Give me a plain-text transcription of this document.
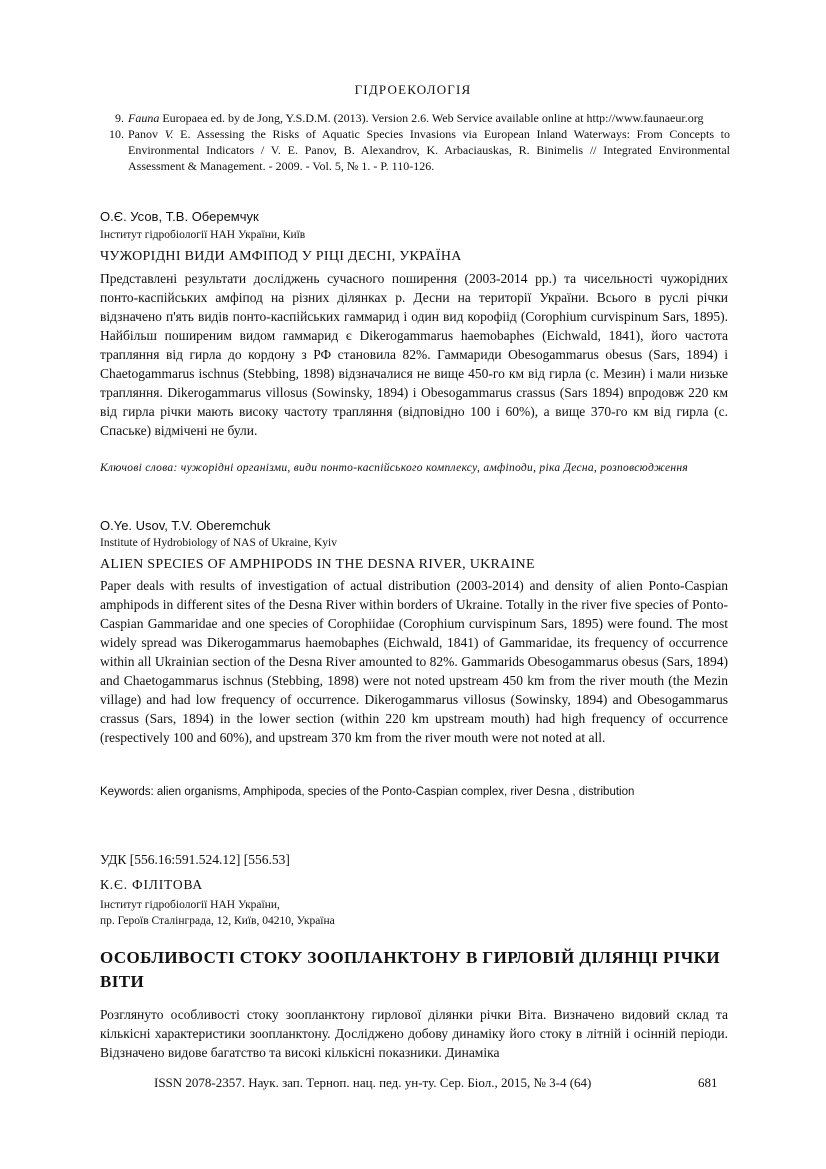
ГІДРОЕКОЛОГІЯ
9. Fauna Europaea ed. by de Jong, Y.S.D.M. (2013). Version 2.6. Web Service available online at http://www.faunaeur.org
10. Panov V. E. Assessing the Risks of Aquatic Species Invasions via European Inland Waterways: From Concepts to Environmental Indicators / V. E. Panov, B. Alexandrov, K. Arbaciauskas, R. Binimelis // Integrated Environmental Assessment & Management. - 2009. - Vol. 5, № 1. - P. 110-126.
О.Є. Усов, Т.В. Оберемчук
Інститут гідробіології НАН України, Київ
ЧУЖОРІДНІ ВИДИ АМФІПОД У РІЦІ ДЕСНІ, УКРАЇНА
Представлені результати досліджень сучасного поширення (2003-2014 рр.) та чисельності чужорідних понто-каспійських амфіпод на різних ділянках р. Десни на території України. Всього в руслі річки відзначено п'ять видів понто-каспійських гаммарид і один вид корофіід (Corophium curvispinum Sars, 1895). Найбільш поширеним видом гаммарид є Dikerogammarus haemobaphes (Eichwald, 1841), його частота трапляння від гирла до кордону з РФ становила 82%. Гаммариди Obesogammarus obesus (Sars, 1894) і Chaetogammarus ischnus (Stebbing, 1898) відзначалися не вище 450-го км від гирла (с. Мезин) і мали низьке трапляння. Dikerogammarus villosus (Sowinsky, 1894) і Obesogammarus crassus (Sars 1894) впродовж 220 км від гирла річки мають високу частоту трапляння (відповідно 100 і 60%), а вище 370-го км від гирла (с. Спаське) відмічені не були.
Ключові слова: чужорідні організми, види понто-каспійського комплексу, амфіподи, ріка Десна, розповсюдження
O.Ye. Usov, T.V. Oberemchuk
Institute of Hydrobiology of NAS of Ukraine, Kyiv
ALIEN SPECIES OF AMPHIPODS IN THE DESNA RIVER, UKRAINE
Paper deals with results of investigation of actual distribution (2003-2014) and density of alien Ponto-Caspian amphipods in different sites of the Desna River within borders of Ukraine. Totally in the river five species of Ponto-Caspian Gammaridae and one species of Corophiidae (Corophium curvispinum Sars, 1895) were found. The most widely spread was Dikerogammarus haemobaphes (Eichwald, 1841) of Gammaridae, its frequency of occurrence within all Ukrainian section of the Desna River amounted to 82%. Gammarids Obesogammarus obesus (Sars, 1894) and Chaetogammarus ischnus (Stebbing, 1898) were not noted upstream 450 km from the river mouth (the Mezin village) and had low frequency of occurrence. Dikerogammarus villosus (Sowinsky, 1894) and Obesogammarus crassus (Sars, 1894) in the lower section (within 220 km upstream mouth) had high frequency of occurrence (respectively 100 and 60%), and upstream 370 km from the river mouth were not noted at all.
Keywords: alien organisms, Amphipoda, species of the Ponto-Caspian complex, river Desna , distribution
УДК [556.16:591.524.12] [556.53]
К.Є. ФІЛІТОВА
Інститут гідробіології НАН України,
пр. Героїв Сталінграда, 12, Київ, 04210, Україна
ОСОБЛИВОСТІ СТОКУ ЗООПЛАНКТОНУ В ГИРЛОВІЙ ДІЛЯНЦІ РІЧКИ ВІТИ
Розглянуто особливості стоку зоопланктону гирлової ділянки річки Віта. Визначено видовий склад та кількісні характеристики зоопланктону. Досліджено добову динаміку його стоку в літній і осінній періоди. Відзначено видове багатство та високі кількісні показники. Динаміка
ISSN 2078-2357. Наук. зап. Терноп. нац. пед. ун-ту. Сер. Біол., 2015, № 3-4 (64)	681
